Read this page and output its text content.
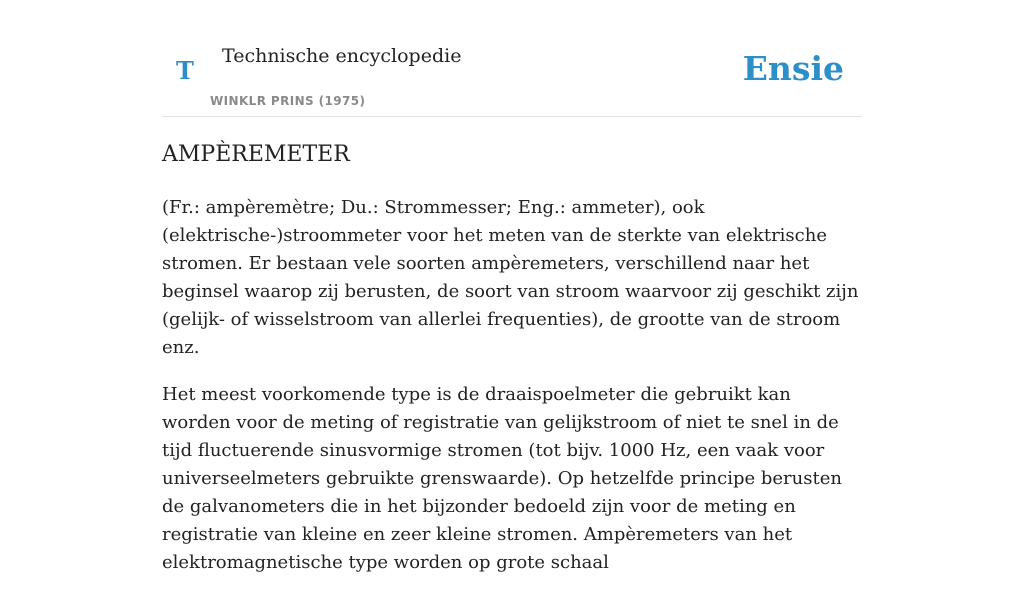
T Technische encyclopedie
WINKLR PRINS (1975)
Ensie
AMPÈREMETER

(Fr.: ampèremètre; Du.: Strommesser; Eng.: ammeter), ook (elektrische-)stroommeter voor het meten van de sterkte van elektrische stromen. Er bestaan vele soorten ampèremeters, verschillend naar het beginsel waarop zij berusten, de soort van stroom waarvoor zij geschikt zijn (gelijk- of wisselstroom van allerlei frequenties), de grootte van de stroom enz.

Het meest voorkomende type is de draaispoelmeter die gebruikt kan worden voor de meting of registratie van gelijkstroom of niet te snel in de tijd fluctuerende sinusvormige stromen (tot bijv. 1000 Hz, een vaak voor universeelmeters gebruikte grenswaarde). Op hetzelfde principe berusten de galvanometers die in het bijzonder bedoeld zijn voor de meting en registratie van kleine en zeer kleine stromen. Ampèremeters van het elektromagnetische type worden op grote schaal
